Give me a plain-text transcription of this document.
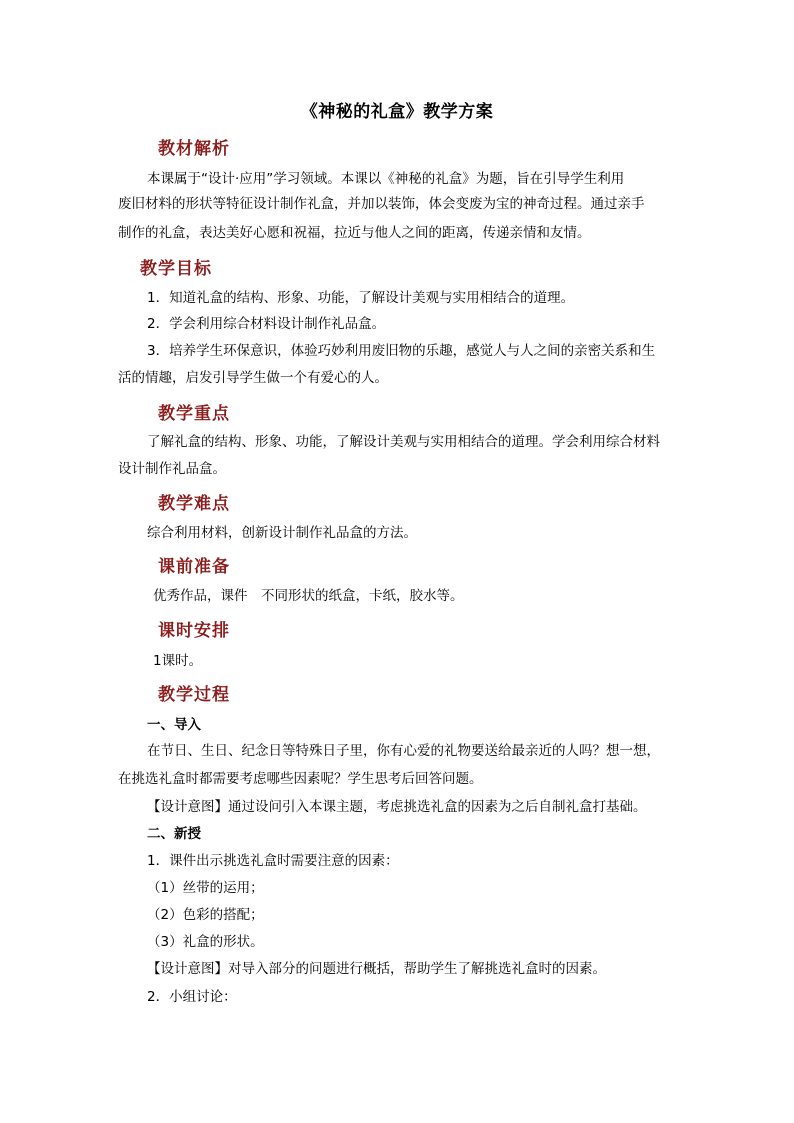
《神秘的礼盒》教学方案
教材解析
本课属于“设计·应用”学习领域。本课以《神秘的礼盒》为题，旨在引导学生利用
废旧材料的形状等特征设计制作礼盒，并加以装饰，体会变废为宝的神奇过程。通过亲手
制作的礼盒，表达美好心愿和祝福，拉近与他人之间的距离，传递亲情和友情。
教学目标
1．知道礼盒的结构、形象、功能，了解设计美观与实用相结合的道理。
2．学会利用综合材料设计制作礼品盒。
3．培养学生环保意识，体验巧妙利用废旧物的乐趣，感觉人与人之间的亲密关系和生
活的情趣，启发引导学生做一个有爱心的人。
教学重点
了解礼盒的结构、形象、功能，了解设计美观与实用相结合的道理。学会利用综合材料
设计制作礼品盒。
教学难点
综合利用材料，创新设计制作礼品盒的方法。
课前准备
优秀作品，课件　不同形状的纸盒，卡纸，胶水等。
课时安排
1课时。
教学过程
一、导入
在节日、生日、纪念日等特殊日子里，你有心爱的礼物要送给最亲近的人吗？想一想，
在挑选礼盒时都需要考虑哪些因素呢？学生思考后回答问题。
【设计意图】通过设问引入本课主题，考虑挑选礼盒的因素为之后自制礼盒打基础。
二、新授
1．课件出示挑选礼盒时需要注意的因素：
（1）丝带的运用；
（2）色彩的搭配；
（3）礼盒的形状。
【设计意图】对导入部分的问题进行概括，帮助学生了解挑选礼盒时的因素。
2．小组讨论：
